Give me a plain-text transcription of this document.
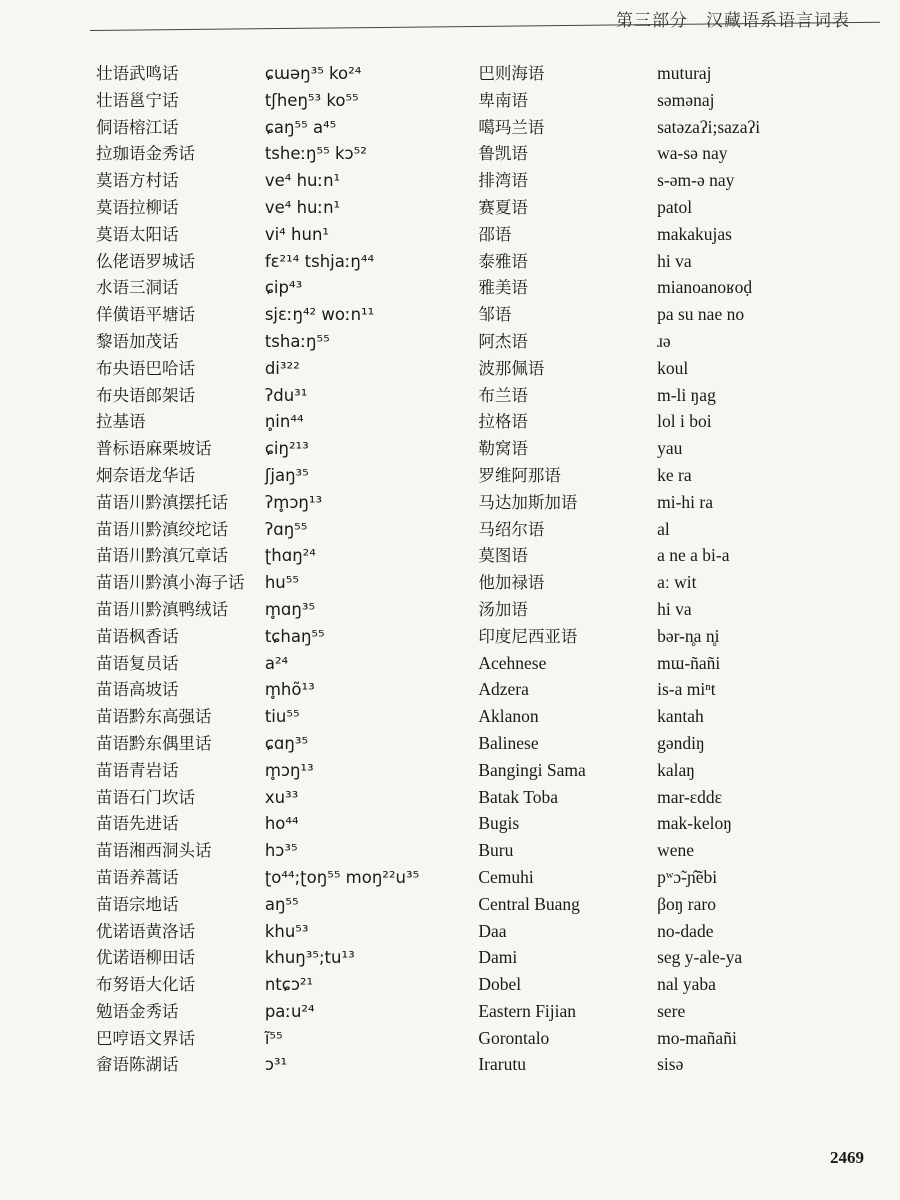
第三部分　汉藏语系语言词表
壮语武鸣话	ɕɯəŋ³⁵ ko²⁴	巴则海语	muturaj
壮语邕宁话	tʃheŋ⁵³ ko⁵⁵	卑南语	səmənaj
侗语榕江话	ɕaŋ⁵⁵ a⁴⁵	噶玛兰语	satəzaʔi;sazaʔi
拉珈语金秀话	tsheːŋ⁵⁵ kɔ⁵²	鲁凯语	wa-sə nay
莫语方村话	ve⁴ huːn¹	排湾语	s-əm-ə nay
莫语拉柳话	ve⁴ huːn¹	赛夏语	patol
莫语太阳话	vi⁴ hun¹	邵语	makakujas
仫佬语罗城话	fɛ²¹⁴ tshjaːŋ⁴⁴	泰雅语	hi va
水语三洞话	ɕip⁴³	雅美语	mianoanoʁoḍ
佯僙语平塘话	sjɛːŋ⁴² woːn¹¹	邹语	pa su nae no
黎语加茂话	tshaːŋ⁵⁵	阿杰语	ɹə
布央语巴哈话	di³²²	波那佩语	koul
布央语郎架话	ʔdu³¹	布兰语	m-li ŋag
拉基语	n̥in⁴⁴	拉格语	lol i boi
普标语麻栗坡话	ɕiŋ²¹³	勒窝语	yau
炯奈语龙华话	ʃjaŋ³⁵	罗维阿那语	ke ra
苗语川黔滇摆托话	ʔm̥ɔŋ¹³	马达加斯加语	mi-hi ra
苗语川黔滇绞坨话	ʔɑŋ⁵⁵	马绍尔语	al
苗语川黔滇冗章话	ʈhɑŋ²⁴	莫图语	a ne a bi-a
苗语川黔滇小海子话	hu⁵⁵	他加禄语	aː wit
苗语川黔滇鸭绒话	m̥ɑŋ³⁵	汤加语	hi va
苗语枫香话	tɕhaŋ⁵⁵	印度尼西亚语	bər-n̥a n̥i
苗语复员话	a²⁴	Acehnese	mɯ-ñañi
苗语高坡话	m̥hõ¹³	Adzera	is-a miⁿt
苗语黔东高强话	tiu⁵⁵	Aklanon	kantah
苗语黔东偶里话	ɕɑŋ³⁵	Balinese	gəndiŋ
苗语青岩话	m̥ɔŋ¹³	Bangingi Sama	kalaŋ
苗语石门坎话	xu³³	Batak Toba	mar-ɛddɛ
苗语先进话	ho⁴⁴	Bugis	mak-keloŋ
苗语湘西洞头话	hɔ³⁵	Buru	wene
苗语养蒿话	ʈo⁴⁴;ʈoŋ⁵⁵ moŋ²²u³⁵	Cemuhi	pʷɔ̃-ɲ̂ẽbi
苗语宗地话	aŋ⁵⁵	Central Buang	βoŋ raro
优诺语黄洛话	khu⁵³	Daa	no-dade
优诺语柳田话	khuŋ³⁵;tu¹³	Dami	seg y-ale-ya
布努语大化话	ntɕɔ²¹	Dobel	nal yaba
勉语金秀话	paːu²⁴	Eastern Fijian	sere
巴哼语文界话	ĩ⁵⁵	Gorontalo	mo-mañañi
畲语陈湖话	ɔ³¹	Irarutu	sisə
2469
